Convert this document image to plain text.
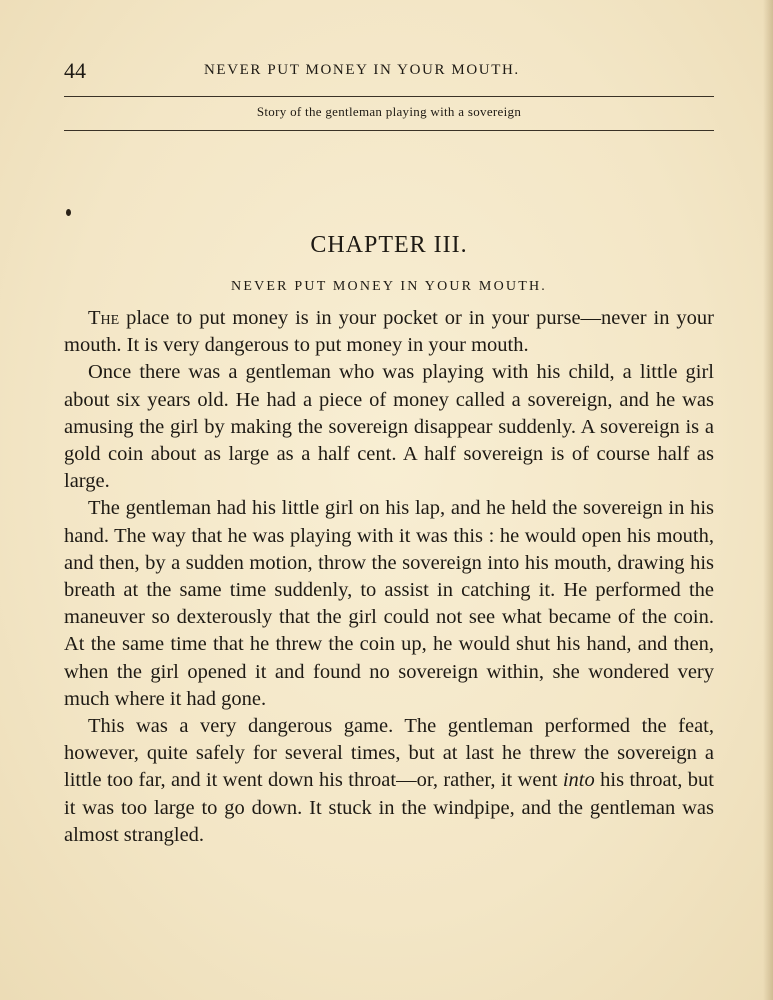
44	NEVER PUT MONEY IN YOUR MOUTH.
Story of the gentleman playing with a sovereign
CHAPTER III.
NEVER PUT MONEY IN YOUR MOUTH.

The place to put money is in your pocket or in your purse—never in your mouth. It is very dangerous to put money in your mouth.

Once there was a gentleman who was playing with his child, a little girl about six years old. He had a piece of money called a sovereign, and he was amusing the girl by making the sovereign disappear suddenly. A sovereign is a gold coin about as large as a half cent. A half sovereign is of course half as large.

The gentleman had his little girl on his lap, and he held the sovereign in his hand. The way that he was playing with it was this : he would open his mouth, and then, by a sudden motion, throw the sovereign into his mouth, drawing his breath at the same time suddenly, to assist in catching it. He performed the maneuver so dexterously that the girl could not see what became of the coin. At the same time that he threw the coin up, he would shut his hand, and then, when the girl opened it and found no sovereign within, she wondered very much where it had gone.

This was a very dangerous game. The gentleman performed the feat, however, quite safely for several times, but at last he threw the sovereign a little too far, and it went down his throat—or, rather, it went into his throat, but it was too large to go down. It stuck in the windpipe, and the gentleman was almost strangled.
